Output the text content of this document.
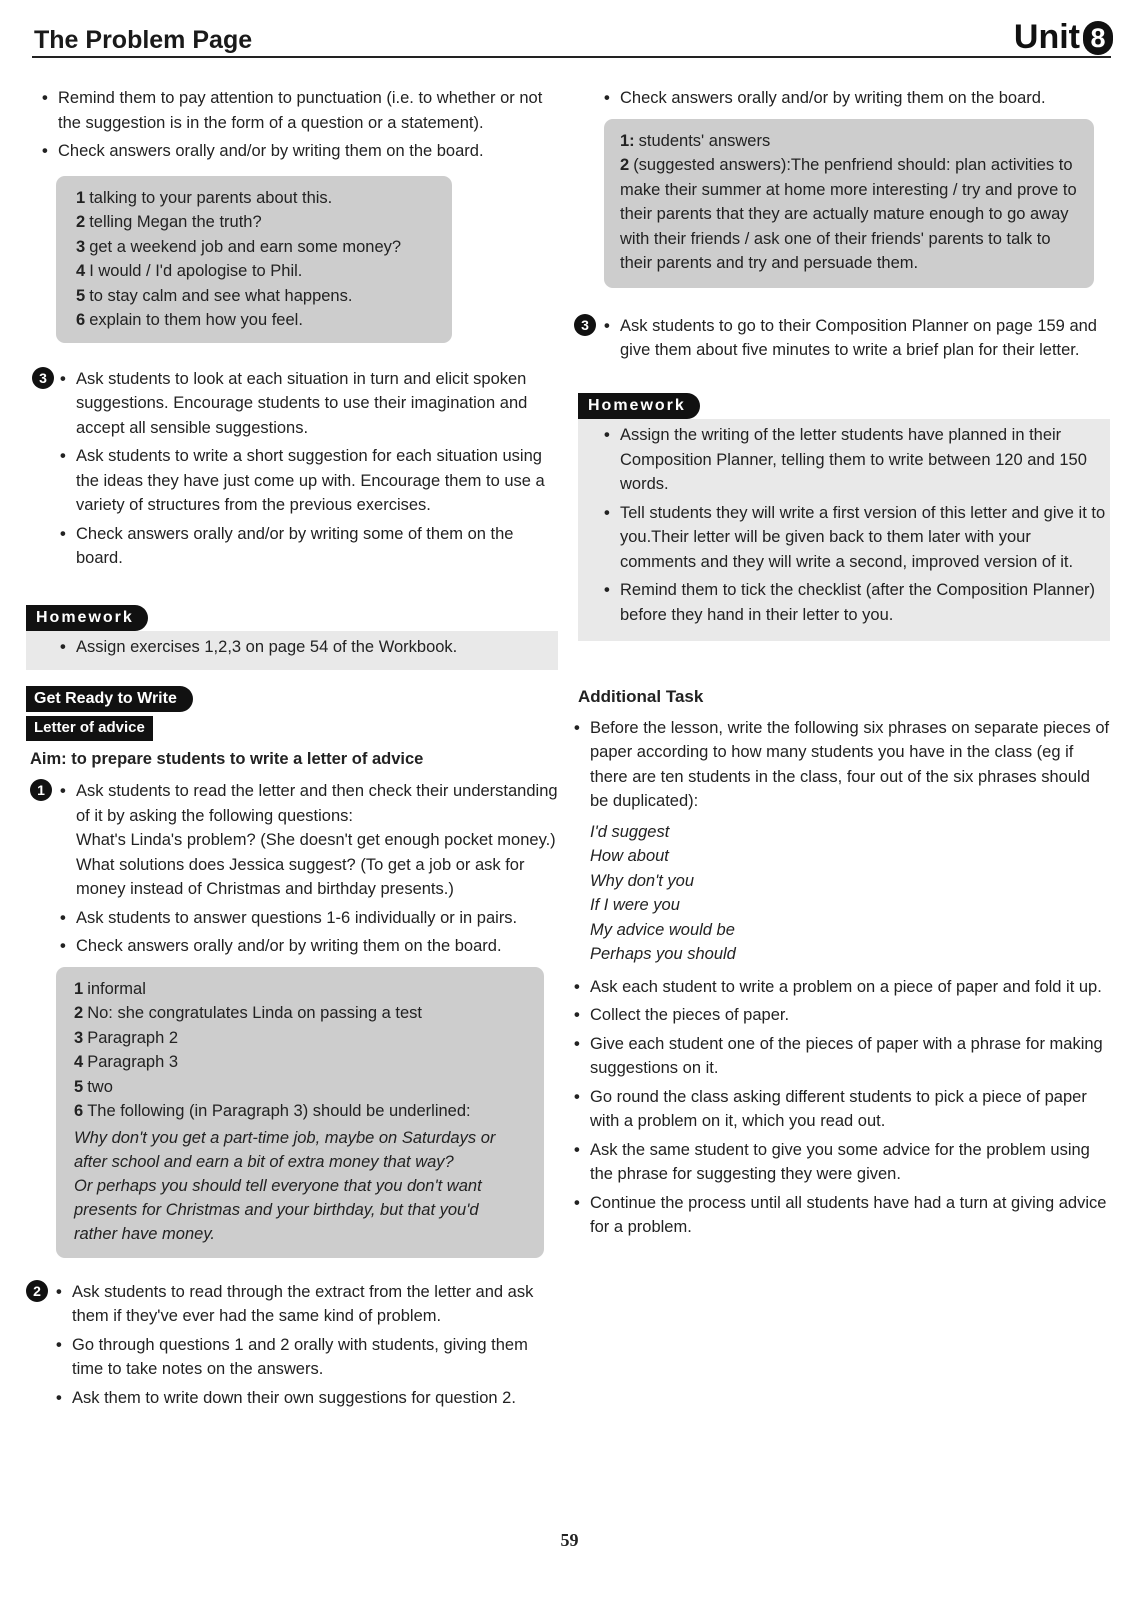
The Problem Page	Unit 8
• Remind them to pay attention to punctuation (i.e. to whether or not the suggestion is in the form of a question or a statement).
• Check answers orally and/or by writing them on the board.

1 talking to your parents about this.

2 telling Megan the truth?

3 get a weekend job and earn some money?

4 I would / I'd apologise to Phil.

5 to stay calm and see what happens.

6 explain to them how you feel.

3	• Ask students to look at each situation in turn and elicit spoken suggestions. Encourage students to use their imagination and accept all sensible suggestions.
• Ask students to write a short suggestion for each situation using the ideas they have just come up with. Encourage them to use a variety of structures from the previous exercises.
• Check answers orally and/or by writing some of them on the board.
Homework
• Assign exercises 1,2,3 on page 54 of the Workbook.
Get Ready to Write
Letter of advice
Aim: to prepare students to write a letter of advice
1	• Ask students to read the letter and then check their understanding of it by asking the following questions:
What's Linda's problem? (She doesn't get enough pocket money.)
What solutions does Jessica suggest? (To get a job or ask for money instead of Christmas and birthday presents.)
• Ask students to answer questions 1-6 individually or in pairs.
• Check answers orally and/or by writing them on the board.

1 informal

2 No: she congratulates Linda on passing a test

3 Paragraph 2

4 Paragraph 3

5 two

6 The following (in Paragraph 3) should be underlined:

Why don't you get a part-time job, maybe on Saturdays or after school and earn a bit of extra money that way?

Or perhaps you should tell everyone that you don't want presents for Christmas and your birthday, but that you'd rather have money.

2	• Ask students to read through the extract from the letter and ask them if they've ever had the same kind of problem.
• Go through questions 1 and 2 orally with students, giving them time to take notes on the answers.
• Ask them to write down their own suggestions for question 2.
• Check answers orally and/or by writing them on the board.

1: students' answers

2 (suggested answers):The penfriend should: plan activities to make their summer at home more interesting / try and prove to their parents that they are actually mature enough to go away with their friends / ask one of their friends' parents to talk to their parents and try and persuade them.

3	• Ask students to go to their Composition Planner on page 159 and give them about five minutes to write a brief plan for their letter.
Homework
• Assign the writing of the letter students have planned in their Composition Planner, telling them to write between 120 and 150 words.
• Tell students they will write a first version of this letter and give it to you.Their letter will be given back to them later with your comments and they will write a second, improved version of it.
• Remind them to tick the checklist (after the Composition Planner) before they hand in their letter to you.
Additional Task
• Before the lesson, write the following six phrases on separate pieces of paper according to how many students you have in the class (eg if there are ten students in the class, four out of the six phrases should be duplicated):
I'd suggest
How about
Why don't you
If I were you
My advice would be
Perhaps you should
• Ask each student to write a problem on a piece of paper and fold it up.
• Collect the pieces of paper.
• Give each student one of the pieces of paper with a phrase for making suggestions on it.
• Go round the class asking different students to pick a piece of paper with a problem on it, which you read out.
• Ask the same student to give you some advice for the problem using the phrase for suggesting they were given.
• Continue the process until all students have had a turn at giving advice for a problem.
59
